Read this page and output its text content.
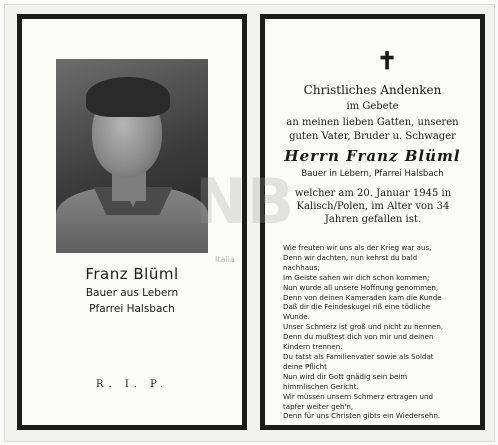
Franz Blüml
Bauer aus Lebern
Pfarrei Halsbach
R. I. P.
✝
Christliches Andenken
im Gebete
an meinen lieben Gatten, unseren
guten Vater, Bruder u. Schwager
Herrn Franz Blüml
Bauer in Lebern, Pfarrei Halsbach
welcher am 20. Januar 1945 in Kalisch/Polen, im Alter von 34 Jahren gefallen ist.
Wie freuten wir uns als der Krieg war aus,
Denn wir dachten, nun kehrst du bald
nachhaus;
Im Geiste sahen wir dich schon kommen;
Nun wurde all unsere Hoffnung genommen,
Denn von deinen Kameraden kam die Kunde
Daß dir die Feindeskugel riß eine tödliche
Wunde.
Unser Schmerz ist groß und nicht zu nennen,
Denn du mußtest dich von mir und deinen
Kindern trennen.
Du tatst als Familienvater sowie als Soldat
deine Pflicht
Nun wird dir Gott gnädig sein beim
himmlischen Gericht.
Wir müssen unsern Schmerz ertragen und
tapfer weiter geh'n,
Denn für uns Christen gibts ein Wiedersehn.
NB
Italia
